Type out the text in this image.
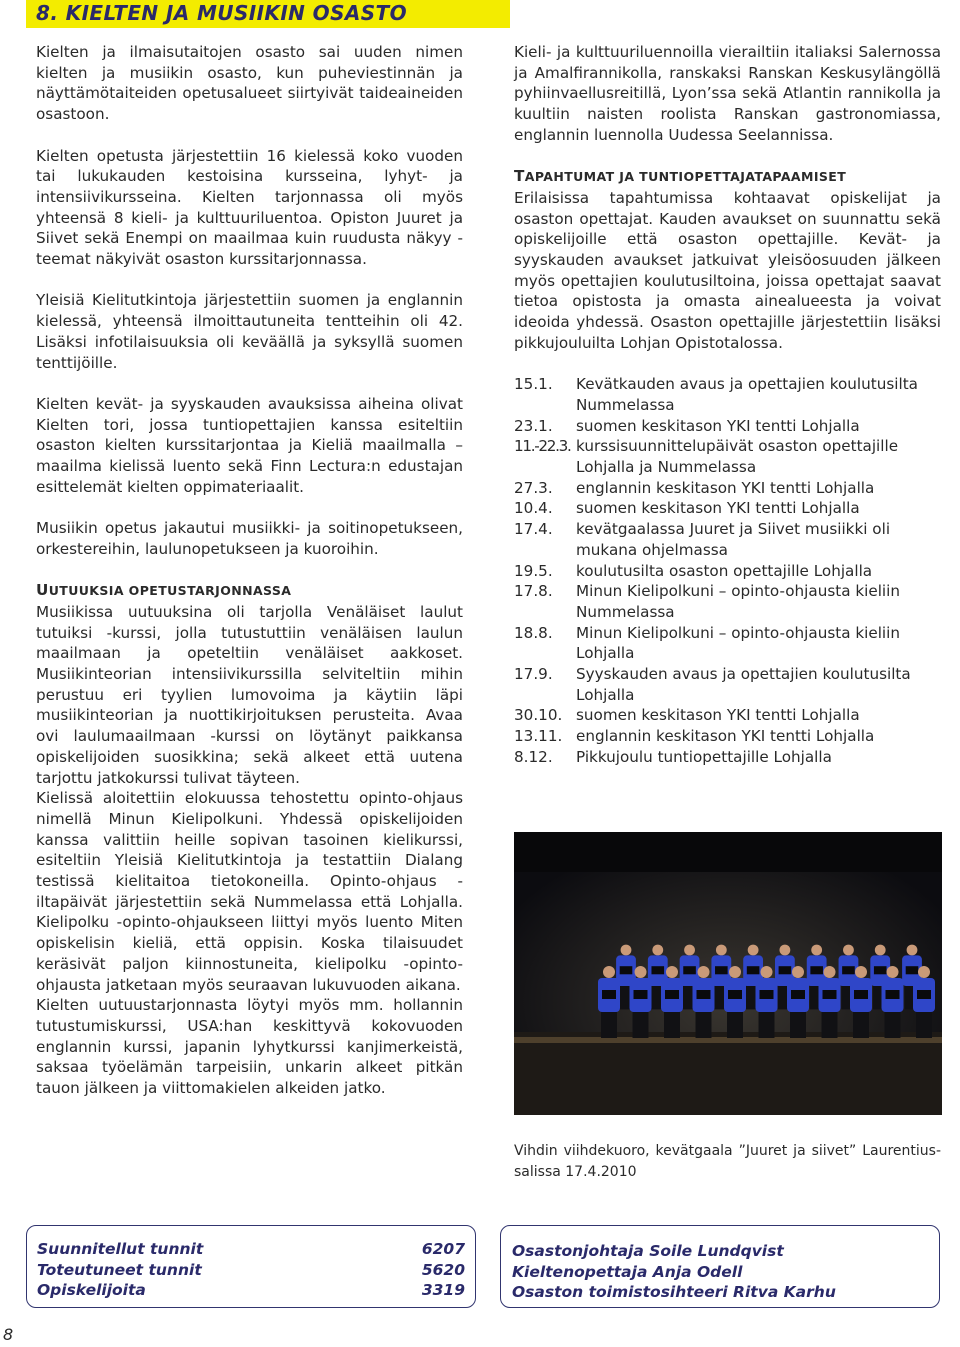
8. KIELTEN JA MUSIIKIN OSASTO

Kielten ja ilmaisutaitojen osasto sai uuden nimen kielten ja musiikin osasto, kun puheviestinnän ja näyttämötaiteiden opetusalueet siirtyivät taideaineiden osastoon.

Kielten opetusta järjestettiin 16 kielessä koko vuoden tai lukukauden kestoisina kursseina, lyhyt- ja intensiivikursseina. Kielten tarjonnassa oli myös yhteensä 8 kieli- ja kulttuuriluentoa. Opiston Juuret ja Siivet sekä Enempi on maailmaa kuin ruudusta näkyy -teemat näkyivät osaston kurssitarjonnassa.

Yleisiä Kielitutkintoja järjestettiin suomen ja englannin kielessä, yhteensä ilmoittautuneita tentteihin oli 42. Lisäksi infotilaisuuksia oli keväällä ja syksyllä suomen tenttijöille.

Kielten kevät- ja syyskauden avauksissa aiheina olivat Kielten tori, jossa tuntiopettajien kanssa esiteltiin osaston kielten kurssitarjontaa ja Kieliä maailmalla – maailma kielissä luento sekä Finn Lectura:n edustajan esittelemät kielten oppimateriaalit.

Musiikin opetus jakautui musiikki- ja soitinopetukseen, orkestereihin, laulunopetukseen ja kuoroihin.

UUTUUKSIA OPETUSTARJONNASSA

Musiikissa uutuuksina oli tarjolla Venäläiset laulut tutuiksi -kurssi, jolla tutustuttiin venäläisen laulun maailmaan ja opeteltiin venäläiset aakkoset. Musiikinteorian intensiivikurssilla selviteltiin mihin perustuu eri tyylien lumovoima ja käytiin läpi musiikinteorian ja nuottikirjoituksen perusteita. Avaa ovi laulumaailmaan -kurssi on löytänyt paikkansa opiskelijoiden suosikkina; sekä alkeet että uutena tarjottu jatkokurssi tulivat täyteen.

Kielissä aloitettiin elokuussa tehostettu opinto-ohjaus nimellä Minun Kielipolkuni. Yhdessä opiskelijoiden kanssa valittiin heille sopivan tasoinen kielikurssi, esiteltiin Yleisiä Kielitutkintoja ja testattiin Dialang testissä kielitaitoa tietokoneilla. Opinto-ohjaus -iltapäivät järjestettiin sekä Nummelassa että Lohjalla. Kielipolku -opinto-ohjaukseen liittyi myös luento Miten opiskelisin kieliä, että oppisin. Koska tilaisuudet keräsivät paljon kiinnostuneita, kielipolku -opinto-ohjausta jatketaan myös seuraavan lukuvuoden aikana.

Kielten uutuustarjonnasta löytyi myös mm. hollannin tutustumiskurssi, USA:han keskittyvä kokovuoden englannin kurssi, japanin lyhytkurssi kanjimerkeistä, saksaa työelämän tarpeisiin, unkarin alkeet pitkän tauon jälkeen ja viittomakielen alkeiden jatko.

Kieli- ja kulttuuriluennoilla vierailtiin italiaksi Salernossa ja Amalfirannikolla, ranskaksi Ranskan Keskusylängöllä pyhiinvaellusreitillä, Lyon’ssa sekä Atlantin rannikolla ja kuultiin naisten roolista Ranskan gastronomiassa, englannin luennolla Uudessa Seelannissa.

TAPAHTUMAT JA TUNTIOPETTAJATAPAAMISET

Erilaisissa tapahtumissa kohtaavat opiskelijat ja osaston opettajat. Kauden avaukset on suunnattu sekä opiskelijoille että osaston opettajille. Kevät- ja syyskauden avaukset jatkuivat yleisöosuuden jälkeen myös opettajien koulutusiltoina, joissa opettajat saavat tietoa opistosta ja omasta ainealueesta ja voivat ideoida yhdessä. Osaston opettajille järjestettiin lisäksi pikkujouluilta Lohjan Opistotalossa.

15.1.	Kevätkauden avaus ja opettajien koulutusilta Nummelassa
23.1.	suomen keskitason YKI tentti Lohjalla
11.-22.3. kurssisuunnittelupäivät osaston opettajille Lohjalla ja Nummelassa
27.3.	englannin keskitason YKI tentti Lohjalla
10.4.	suomen keskitason YKI tentti Lohjalla
17.4.	kevätgaalassa Juuret ja Siivet musiikki oli mukana ohjelmassa
19.5.	koulutusilta osaston opettajille Lohjalla
17.8.	Minun Kielipolkuni – opinto-ohjausta kieliin Nummelassa
18.8.	Minun Kielipolkuni – opinto-ohjausta kieliin Lohjalla
17.9.	Syyskauden avaus ja opettajien koulutusilta Lohjalla
30.10. suomen keskitason YKI tentti Lohjalla
13.11. englannin keskitason YKI tentti Lohjalla
8.12.	Pikkujoulu tuntiopettajille Lohjalla

Vihdin viihdekuoro, kevätgaala ”Juuret ja siivet” Laurentius-salissa 17.4.2010

Suunnitellut tunnit	6207
Toteutuneet tunnit	5620
Opiskelijoita	3319
Osastonjohtaja Soile Lundqvist
Kieltenopettaja Anja Odell
Osaston toimistosihteeri Ritva Karhu
8
